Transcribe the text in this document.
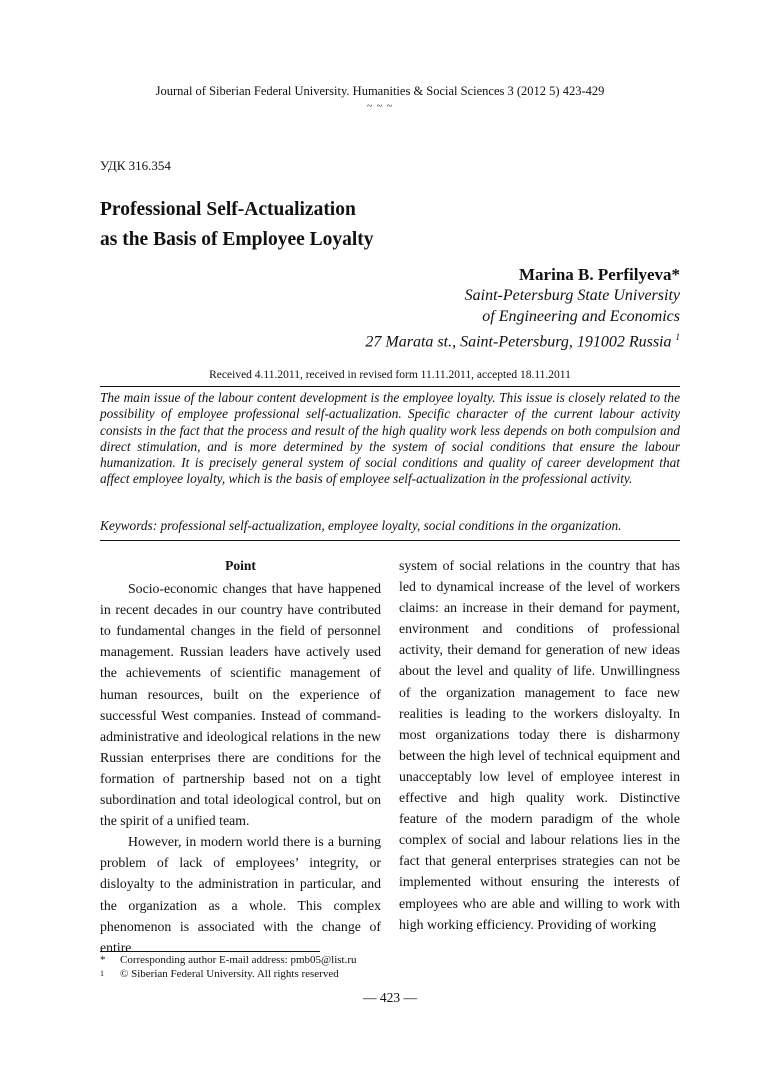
Journal of Siberian Federal University. Humanities & Social Sciences 3 (2012 5) 423-429
~ ~ ~
УДК 316.354
Professional Self-Actualization
as the Basis of Employee Loyalty
Marina B. Perfilyeva*
Saint-Petersburg State University
of Engineering and Economics
27 Marata st., Saint-Petersburg, 191002 Russia $^1$
Received 4.11.2011, received in revised form 11.11.2011, accepted 18.11.2011
The main issue of the labour content development is the employee loyalty. This issue is closely related to the possibility of employee professional self-actualization. Specific character of the current labour activity consists in the fact that the process and result of the high quality work less depends on both compulsion and direct stimulation, and is more determined by the system of social conditions that ensure the labour humanization. It is precisely general system of social conditions and quality of career development that affect employee loyalty, which is the basis of employee self-actualization in the professional activity.
Keywords: professional self-actualization, employee loyalty, social conditions in the organization.
Point

Socio-economic changes that have happened in recent decades in our country have contributed to fundamental changes in the field of personnel management. Russian leaders have actively used the achievements of scientific management of human resources, built on the experience of successful West companies. Instead of command-administrative and ideological relations in the new Russian enterprises there are conditions for the formation of partnership based not on a tight subordination and total ideological control, but on the spirit of a unified team.

However, in modern world there is a burning problem of lack of employees’ integrity, or disloyalty to the administration in particular, and the organization as a whole. This complex phenomenon is associated with the change of entire

system of social relations in the country that has led to dynamical increase of the level of workers claims: an increase in their demand for payment, environment and conditions of professional activity, their demand for generation of new ideas about the level and quality of life. Unwillingness of the organization management to face new realities is leading to the workers disloyalty. In most organizations today there is disharmony between the high level of technical equipment and unacceptably low level of employee interest in effective and high quality work. Distinctive feature of the modern paradigm of the whole complex of social and labour relations lies in the fact that general enterprises strategies can not be implemented without ensuring the interests of employees who are able and willing to work with high working efficiency. Providing of working

*	Corresponding author E-mail address: pmb05@list.ru
1	© Siberian Federal University. All rights reserved
— 423 —
